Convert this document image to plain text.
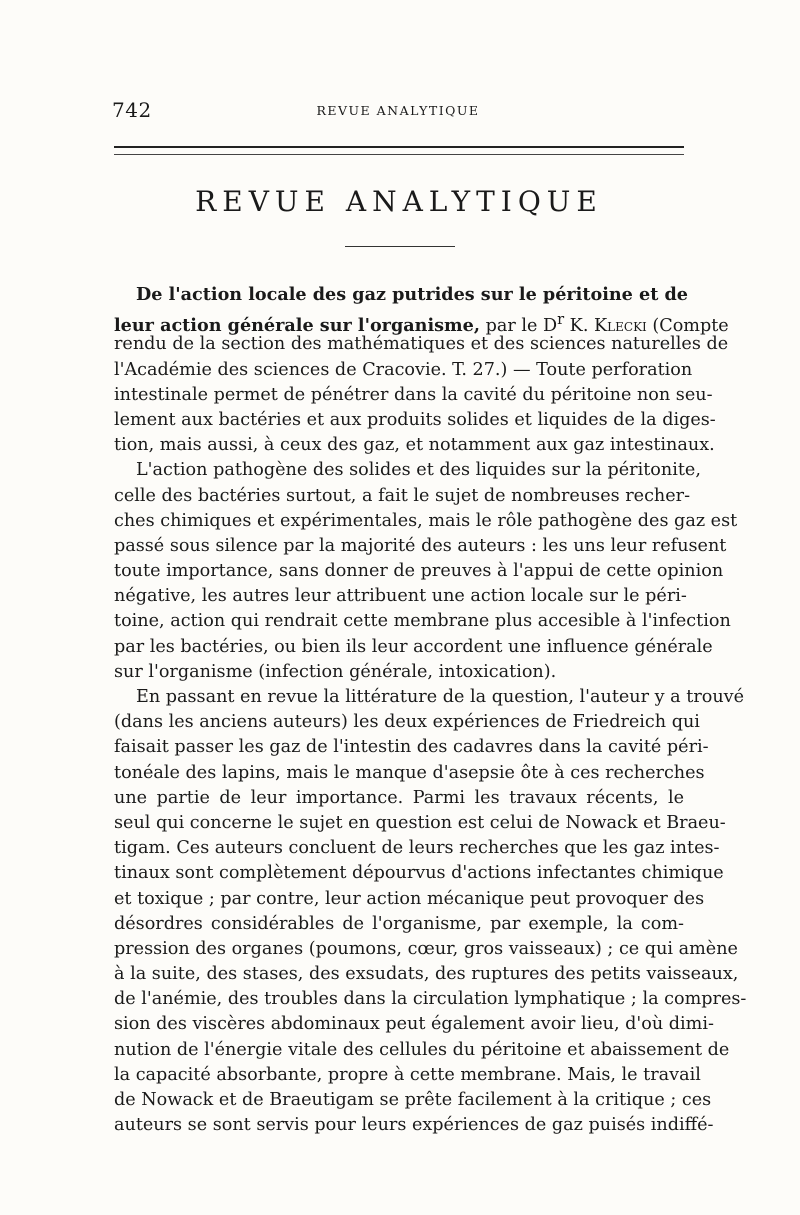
742	REVUE ANALYTIQUE
REVUE ANALYTIQUE
De l'action locale des gaz putrides sur le péritoine et de
leur action générale sur l'organisme, par le $D^r$ K. Klecki (Compte
rendu de la section des mathématiques et des sciences naturelles de
l'Académie des sciences de Cracovie. T. 27.) — Toute perforation
intestinale permet de pénétrer dans la cavité du péritoine non seu-
lement aux bactéries et aux produits solides et liquides de la diges-
tion, mais aussi, à ceux des gaz, et notamment aux gaz intestinaux.
L'action pathogène des solides et des liquides sur la péritonite,
celle des bactéries surtout, a fait le sujet de nombreuses recher-
ches chimiques et expérimentales, mais le rôle pathogène des gaz est
passé sous silence par la majorité des auteurs : les uns leur refusent
toute importance, sans donner de preuves à l'appui de cette opinion
négative, les autres leur attribuent une action locale sur le péri-
toine, action qui rendrait cette membrane plus accesible à l'infection
par les bactéries, ou bien ils leur accordent une influence générale
sur l'organisme (infection générale, intoxication).
En passant en revue la littérature de la question, l'auteur y a trouvé
(dans les anciens auteurs) les deux expériences de Friedreich qui
faisait passer les gaz de l'intestin des cadavres dans la cavité péri-
tonéale des lapins, mais le manque d'asepsie ôte à ces recherches
une partie de leur importance. Parmi les travaux récents, le
seul qui concerne le sujet en question est celui de Nowack et Braeu-
tigam. Ces auteurs concluent de leurs recherches que les gaz intes-
tinaux sont complètement dépourvus d'actions infectantes chimique
et toxique ; par contre, leur action mécanique peut provoquer des
désordres considérables de l'organisme, par exemple, la com-
pression des organes (poumons, cœur, gros vaisseaux) ; ce qui amène
à la suite, des stases, des exsudats, des ruptures des petits vaisseaux,
de l'anémie, des troubles dans la circulation lymphatique ; la compres-
sion des viscères abdominaux peut également avoir lieu, d'où dimi-
nution de l'énergie vitale des cellules du péritoine et abaissement de
la capacité absorbante, propre à cette membrane. Mais, le travail
de Nowack et de Braeutigam se prête facilement à la critique ; ces
auteurs se sont servis pour leurs expériences de gaz puisés indiffé-
